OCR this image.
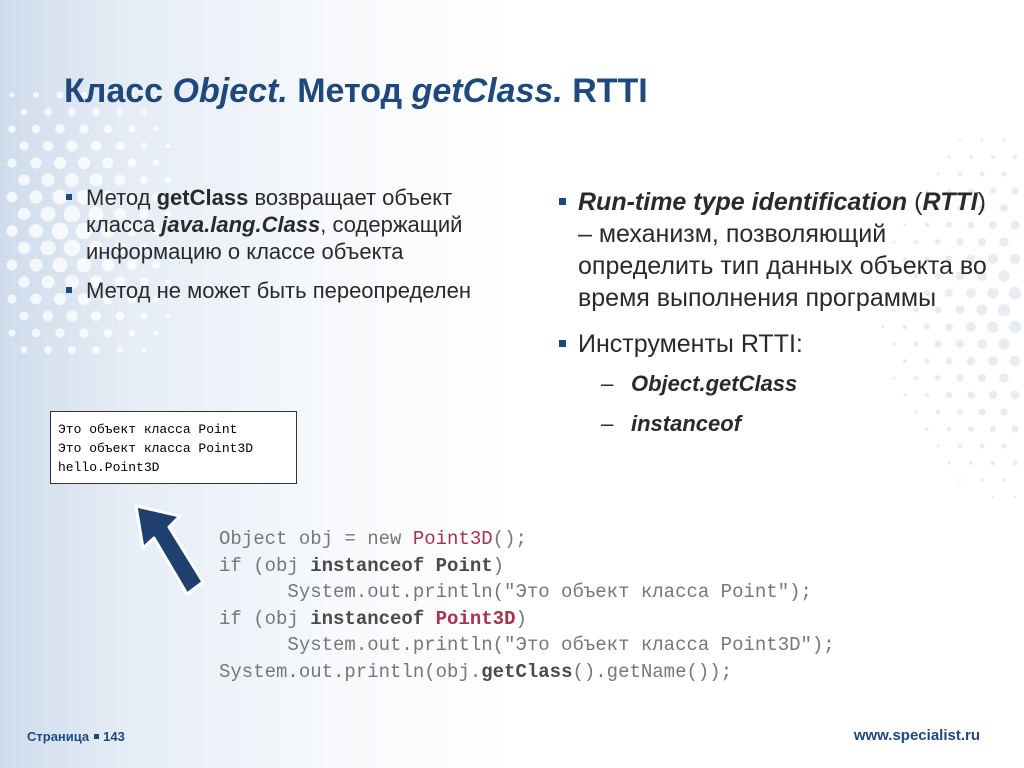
Класс Object. Метод getClass. RTTI
Метод getClass возвращает объект класса java.lang.Class, содержащий информацию о классе объекта
Метод не может быть переопределен
Run-time type identification (RTTI) – механизм, позволяющий определить тип данных объекта во время выполнения программы
Инструменты RTTI:
– Object.getClass
– instanceof
Это объект класса Point
Это объект класса Point3D
hello.Point3D
Object obj = new Point3D();
if (obj instanceof Point)
System.out.println("Это объект класса Point");
if (obj instanceof Point3D)
System.out.println("Это объект класса Point3D");
System.out.println(obj.getClass().getName());
Страница 143	www.specialist.ru
